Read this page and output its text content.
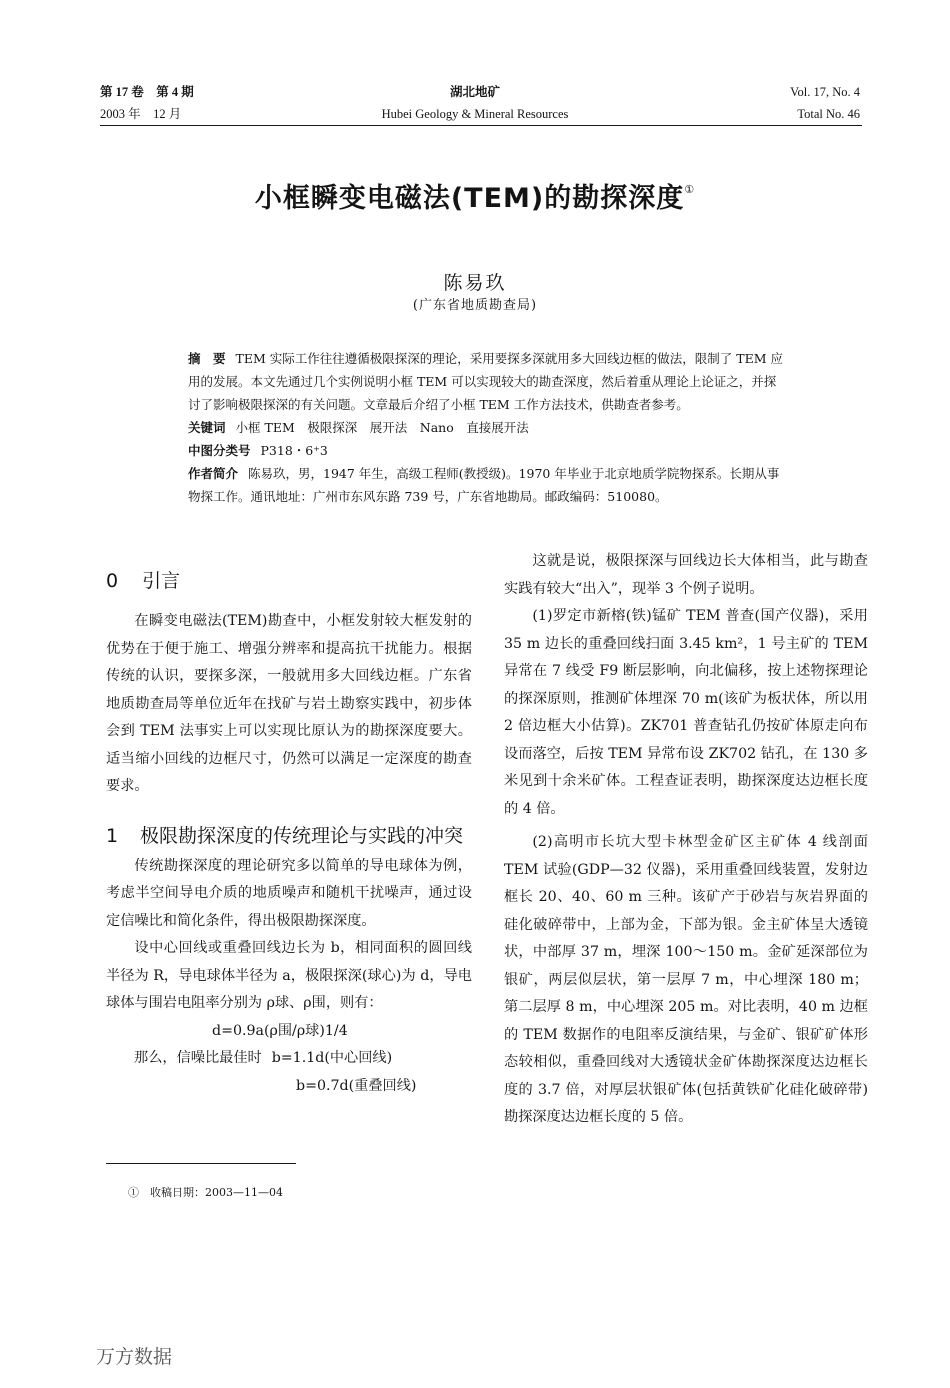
第 17 卷　第 4 期
2003 年　12 月
湖北地矿
Hubei Geology & Mineral Resources
Vol. 17, No. 4
Total No. 46
小框瞬变电磁法(TEM)的勘探深度①
陈易玖
(广东省地质勘查局)

摘　要 TEM 实际工作往往遵循极限探深的理论，采用要探多深就用多大回线边框的做法，限制了 TEM 应用的发展。本文先通过几个实例说明小框 TEM 可以实现较大的勘查深度，然后着重从理论上论证之，并探讨了影响极限探深的有关问题。文章最后介绍了小框 TEM 工作方法技术，供勘查者参考。

关键词 小框 TEM　极限探深　展开法　Nano　直接展开法

中图分类号 P318・6⁺3

作者简介 陈易玖，男，1947 年生，高级工程师(教授级)。1970 年毕业于北京地质学院物探系。长期从事物探工作。通讯地址：广州市东风东路 739 号，广东省地勘局。邮政编码：510080。

0 引言

在瞬变电磁法(TEM)勘查中，小框发射较大框发射的优势在于便于施工、增强分辨率和提高抗干扰能力。根据传统的认识，要探多深，一般就用多大回线边框。广东省地质勘查局等单位近年在找矿与岩土勘察实践中，初步体会到 TEM 法事实上可以实现比原认为的勘探深度要大。适当缩小回线的边框尺寸，仍然可以满足一定深度的勘查要求。

1	极限勘探深度的传统理论与实践的冲突

传统勘探深度的理论研究多以简单的导电球体为例，考虑半空间导电介质的地质噪声和随机干扰噪声，通过设定信噪比和简化条件，得出极限勘探深度。

设中心回线或重叠回线边长为 b，相同面积的圆回线半径为 R，导电球体半径为 a，极限探深(球心)为 d，导电球体与围岩电阻率分别为 ρ球、ρ围，则有：

d=0.9a(ρ围/ρ球)1/4
那么，信噪比最佳时 b=1.1d(中心回线)
b=0.7d(重叠回线)

这就是说，极限探深与回线边长大体相当，此与勘查实践有较大“出入”，现举 3 个例子说明。

(1)罗定市新榕(铁)锰矿 TEM 普查(国产仪器)，采用 35 m 边长的重叠回线扫面 3.45 km²，1 号主矿的 TEM 异常在 7 线受 F9 断层影响，向北偏移，按上述物探理论的探深原则，推测矿体埋深 70 m(该矿为板状体，所以用 2 倍边框大小估算)。ZK701 普查钻孔仍按矿体原走向布设而落空，后按 TEM 异常布设 ZK702 钻孔，在 130 多米见到十余米矿体。工程查证表明，勘探深度达边框长度的 4 倍。

(2)高明市长坑大型卡林型金矿区主矿体 4 线剖面 TEM 试验(GDP—32 仪器)，采用重叠回线装置，发射边框长 20、40、60 m 三种。该矿产于砂岩与灰岩界面的硅化破碎带中，上部为金，下部为银。金主矿体呈大透镜状，中部厚 37 m，埋深 100～150 m。金矿延深部位为银矿，两层似层状，第一层厚 7 m，中心埋深 180 m；第二层厚 8 m，中心埋深 205 m。对比表明，40 m 边框的 TEM 数据作的电阻率反演结果，与金矿、银矿矿体形态较相似，重叠回线对大透镜状金矿体勘探深度达边框长度的 3.7 倍，对厚层状银矿体(包括黄铁矿化硅化破碎带)勘探深度达边框长度的 5 倍。

①　收稿日期：2003—11—04
万方数据
